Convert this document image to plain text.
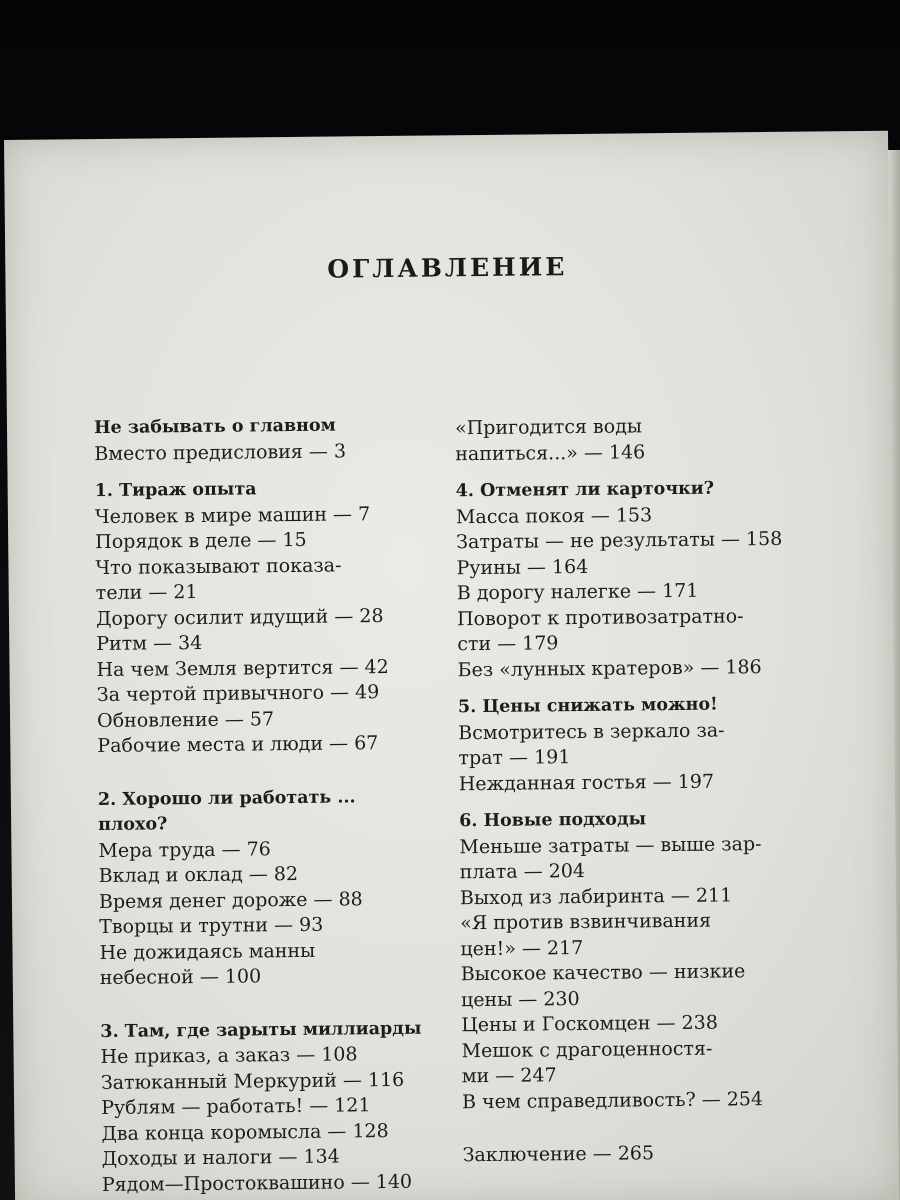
ОГЛАВЛЕНИЕ
Не забывать о главном
Вместо предисловия — 3
1. Тираж опыта
Человек в мире машин — 7
Порядок в деле — 15
Что показывают показа-
тели — 21
Дорогу осилит идущий — 28
Ритм — 34
На чем Земля вертится — 42
За чертой привычного — 49
Обновление — 57
Рабочие места и люди — 67
2. Хорошо ли работать ...
плохо?
Мера труда — 76
Вклад и оклад — 82
Время денег дороже — 88
Творцы и трутни — 93
Не дожидаясь манны
небесной — 100
3. Там, где зарыты миллиарды
Не приказ, а заказ — 108
Затюканный Меркурий — 116
Рублям — работать! — 121
Два конца коромысла — 128
Доходы и налоги — 134
Рядом—Простоквашино — 140
«Пригодится воды
напиться...» — 146
4. Отменят ли карточки?
Масса покоя — 153
Затраты — не результаты — 158
Руины — 164
В дорогу налегке — 171
Поворот к противозатратно-
сти — 179
Без «лунных кратеров» — 186
5. Цены снижать можно!
Всмотритесь в зеркало за-
трат — 191
Нежданная гостья — 197
6. Новые подходы
Меньше затраты — выше зар-
плата — 204
Выход из лабиринта — 211
«Я против взвинчивания
цен!» — 217
Высокое качество — низкие
цены — 230
Цены и Госкомцен — 238
Мешок с драгоценностя-
ми — 247
В чем справедливость? — 254
Заключение — 265
